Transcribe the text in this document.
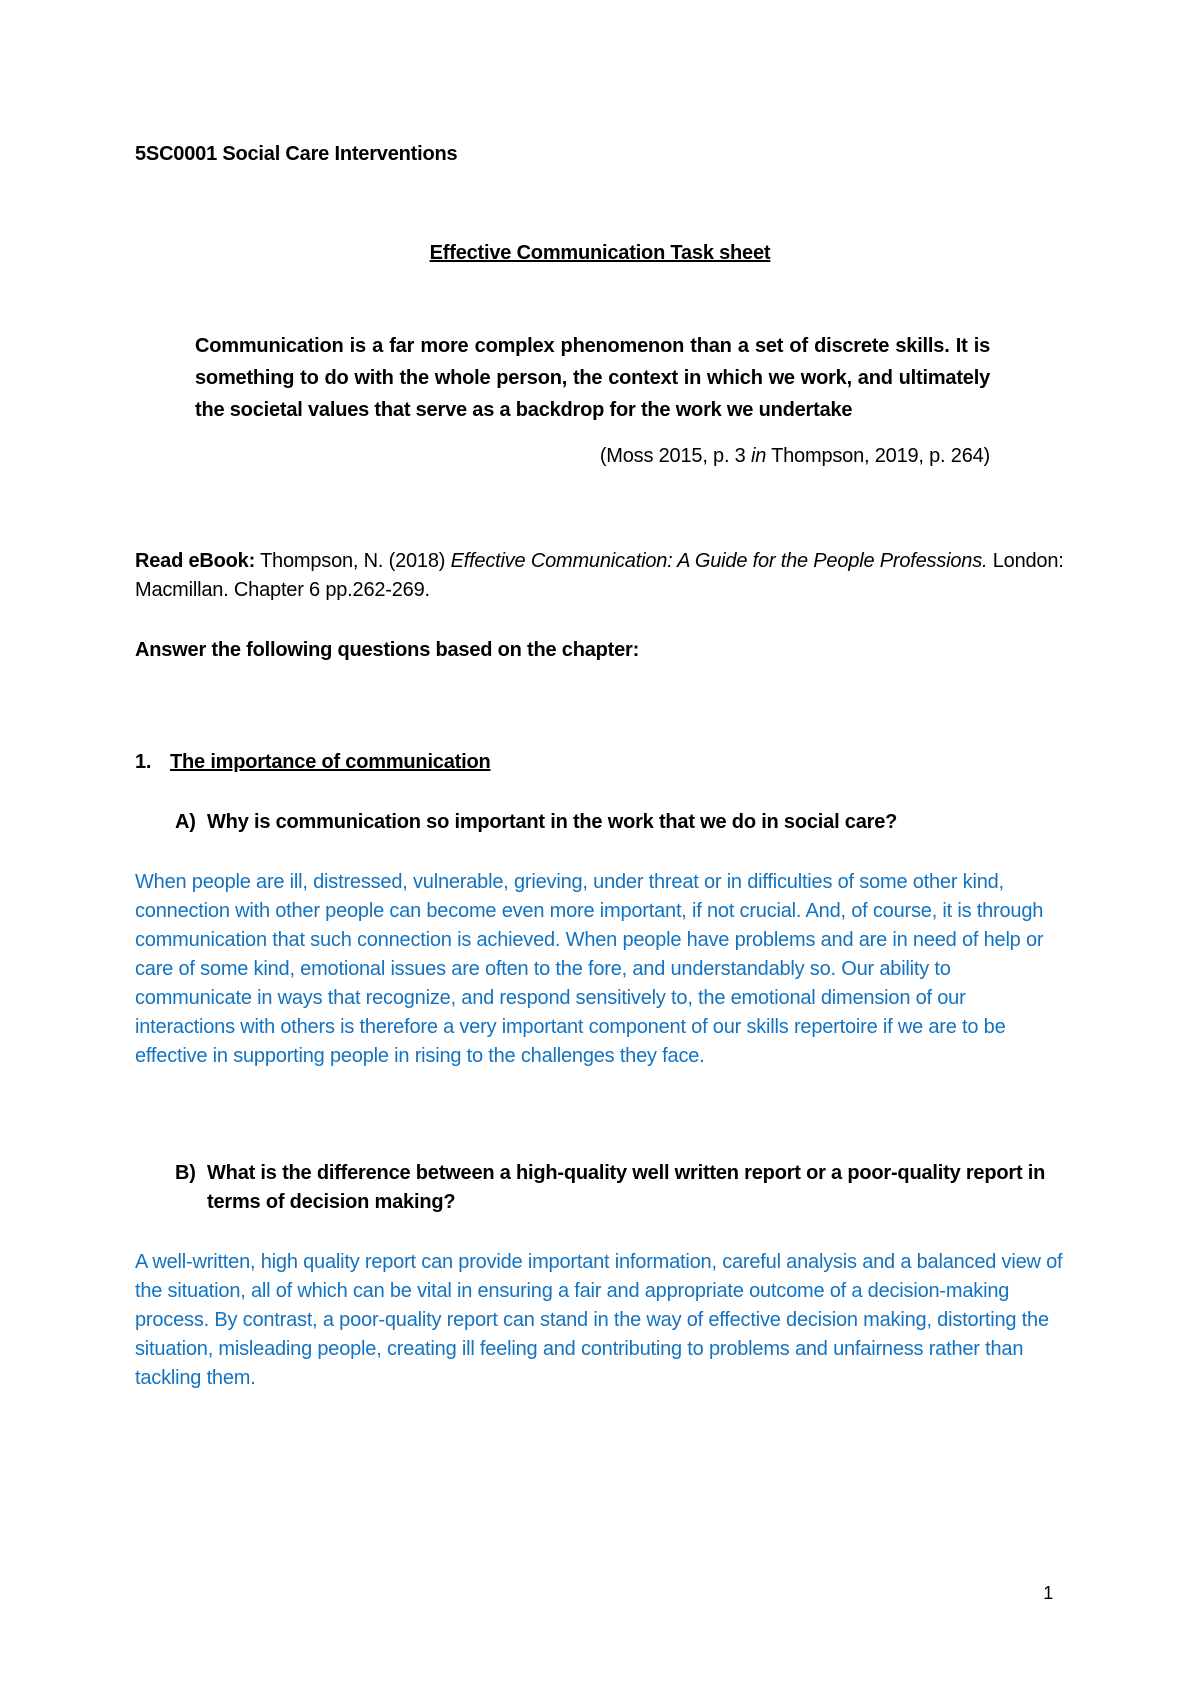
5SC0001 Social Care Interventions
Effective Communication Task sheet
Communication is a far more complex phenomenon than a set of discrete skills. It is something to do with the whole person, the context in which we work, and ultimately the societal values that serve as a backdrop for the work we undertake
(Moss 2015, p. 3 in Thompson, 2019, p. 264)
Read eBook: Thompson, N. (2018) Effective Communication: A Guide for the People Professions. London: Macmillan. Chapter 6 pp.262-269.
Answer the following questions based on the chapter:
1. The importance of communication
A) Why is communication so important in the work that we do in social care?
When people are ill, distressed, vulnerable, grieving, under threat or in difficulties of some other kind, connection with other people can become even more important, if not crucial. And, of course, it is through communication that such connection is achieved. When people have problems and are in need of help or care of some kind, emotional issues are often to the fore, and understandably so. Our ability to communicate in ways that recognize, and respond sensitively to, the emotional dimension of our interactions with others is therefore a very important component of our skills repertoire if we are to be effective in supporting people in rising to the challenges they face.
B) What is the difference between a high-quality well written report or a poor-quality report in terms of decision making?
A well-written, high quality report can provide important information, careful analysis and a balanced view of the situation, all of which can be vital in ensuring a fair and appropriate outcome of a decision-making process. By contrast, a poor-quality report can stand in the way of effective decision making, distorting the situation, misleading people, creating ill feeling and contributing to problems and unfairness rather than tackling them.
1
